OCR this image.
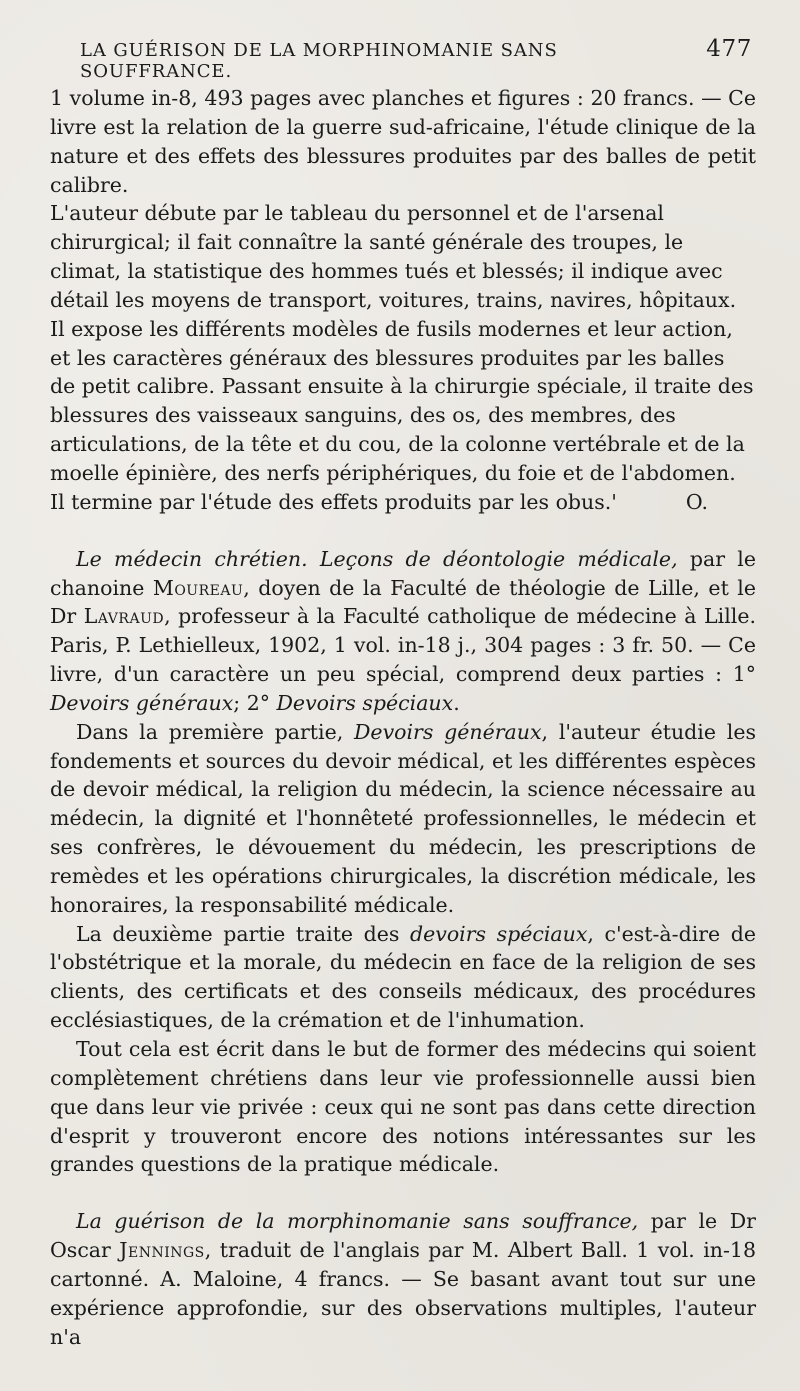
LA GUÉRISON DE LA MORPHINOMANIE SANS SOUFFRANCE.
477

1 volume in-8, 493 pages avec planches et figures : 20 francs. — Ce livre est la relation de la guerre sud-africaine, l'étude clinique de la nature et des effets des blessures produites par des balles de petit calibre.

L'auteur débute par le tableau du personnel et de l'arsenal chirurgical; il fait connaître la santé générale des troupes, le climat, la statistique des hommes tués et blessés; il indique avec détail les moyens de transport, voitures, trains, navires, hôpitaux. Il expose les différents modèles de fusils modernes et leur action, et les caractères généraux des blessures produites par les balles de petit calibre. Passant ensuite à la chirurgie spéciale, il traite des blessures des vaisseaux sanguins, des os, des membres, des articulations, de la tête et du cou, de la colonne vertébrale et de la moelle épinière, des nerfs périphériques, du foie et de l'abdomen. Il termine par l'étude des effets produits par les obus.'	O.

Le médecin chrétien. Leçons de déontologie médicale, par le chanoine Moureau, doyen de la Faculté de théologie de Lille, et le Dr Lavraud, professeur à la Faculté catholique de médecine à Lille. Paris, P. Lethielleux, 1902, 1 vol. in-18 j., 304 pages : 3 fr. 50. — Ce livre, d'un caractère un peu spécial, comprend deux parties : 1° Devoirs généraux; 2° Devoirs spéciaux.

Dans la première partie, Devoirs généraux, l'auteur étudie les fondements et sources du devoir médical, et les différentes espèces de devoir médical, la religion du médecin, la science nécessaire au médecin, la dignité et l'honnêteté professionnelles, le médecin et ses confrères, le dévouement du médecin, les prescriptions de remèdes et les opérations chirurgicales, la discrétion médicale, les honoraires, la responsabilité médicale.

La deuxième partie traite des devoirs spéciaux, c'est-à-dire de l'obstétrique et la morale, du médecin en face de la religion de ses clients, des certificats et des conseils médicaux, des procédures ecclésiastiques, de la crémation et de l'inhumation.

Tout cela est écrit dans le but de former des médecins qui soient complètement chrétiens dans leur vie professionnelle aussi bien que dans leur vie privée : ceux qui ne sont pas dans cette direction d'esprit y trouveront encore des notions intéressantes sur les grandes questions de la pratique médicale.

La guérison de la morphinomanie sans souffrance, par le Dr Oscar Jennings, traduit de l'anglais par M. Albert Ball. 1 vol. in-18 cartonné. A. Maloine, 4 francs. — Se basant avant tout sur une expérience approfondie, sur des observations multiples, l'auteur n'a
